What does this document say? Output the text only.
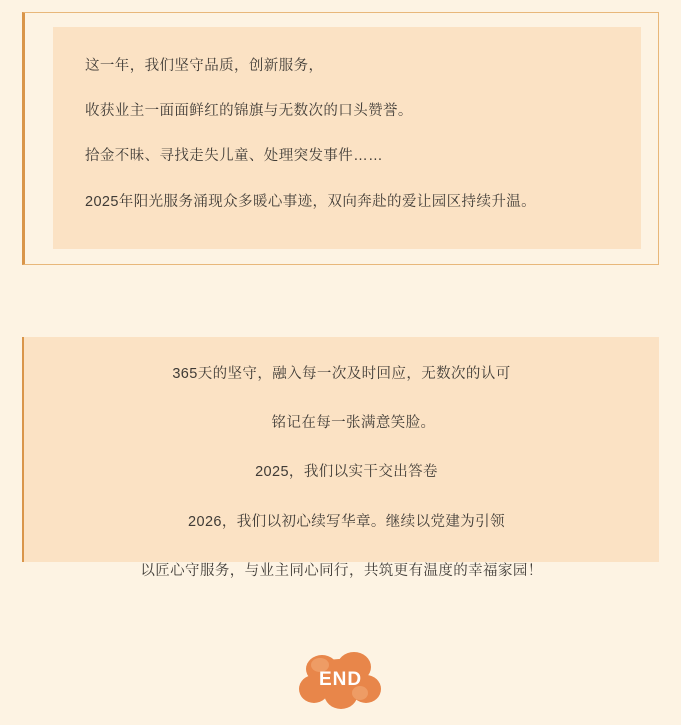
这一年，我们坚守品质，创新服务，

收获业主一面面鲜红的锦旗与无数次的口头赞誉。

拾金不昧、寻找走失儿童、处理突发事件……

2025年阳光服务涌现众多暖心事迹，双向奔赴的爱让园区持续升温。

365天的坚守，融入每一次及时回应，无数次的认可

铭记在每一张满意笑脸。

2025，我们以实干交出答卷

2026，我们以初心续写华章。继续以党建为引领

以匠心守服务，与业主同心同行，共筑更有温度的幸福家园！

END
